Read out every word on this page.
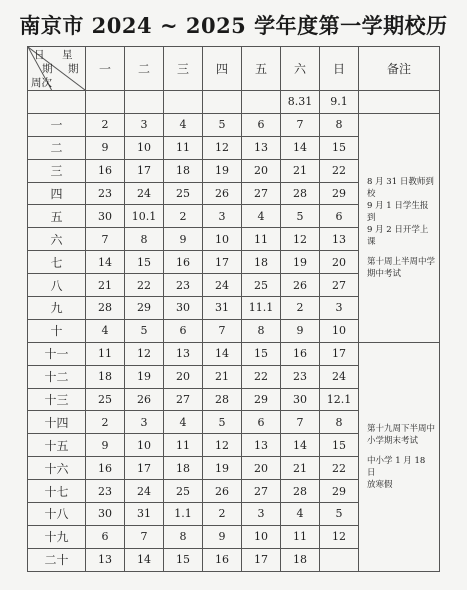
南京市 2024 ~ 2025 学年度第一学期校历
日 星
期 期
周次	一	二	三	四	五	六	日	备注
						8.31	9.1	
一	2	3	4	5	6	7	8	8 月 31 日教师到校
9 月 1 日学生报到
9 月 2 日开学上课
第十周上半周中学
期中考试

二	9	10	11	12	13	14	15	
三	16	17	18	19	20	21	22	
四	23	24	25	26	27	28	29	
五	30	10.1	2	3	4	5	6	
六	7	8	9	10	11	12	13	
七	14	15	16	17	18	19	20	
八	21	22	23	24	25	26	27	
九	28	29	30	31	11.1	2	3	
十	4	5	6	7	8	9	10	
十一	11	12	13	14	15	16	17	第十九周下半周中
小学期末考试
中小学 1 月 18 日
放寒假

十二	18	19	20	21	22	23	24	
十三	25	26	27	28	29	30	12.1	
十四	2	3	4	5	6	7	8	
十五	9	10	11	12	13	14	15	
十六	16	17	18	19	20	21	22	
十七	23	24	25	26	27	28	29	
十八	30	31	1.1	2	3	4	5	
十九	6	7	8	9	10	11	12	
二十	13	14	15	16	17	18		
